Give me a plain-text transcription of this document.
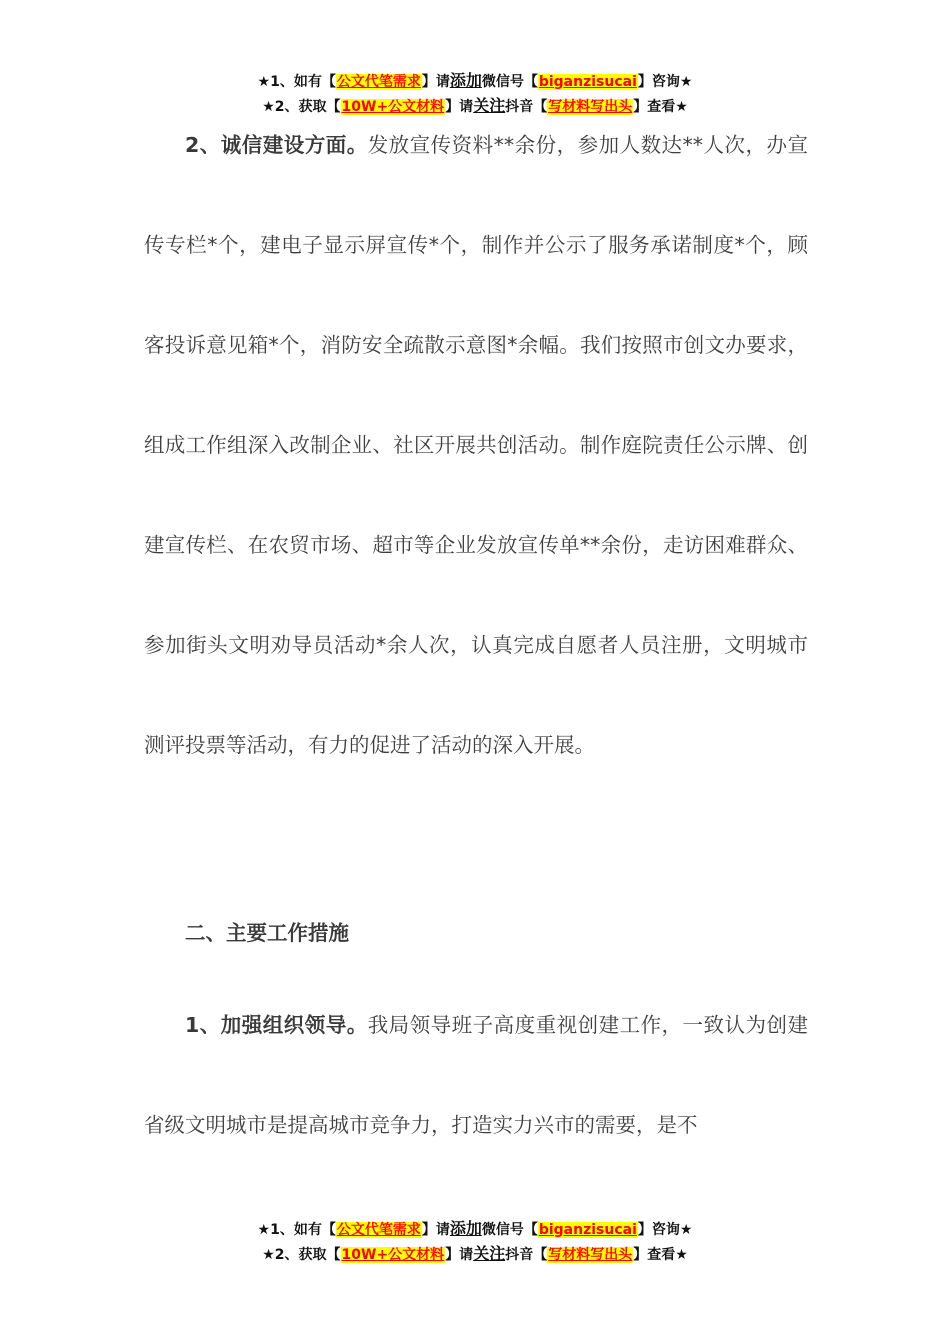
★1、如有【公文代笔需求】请添加微信号【biganzisucai】咨询★
★2、获取【10W+公文材料】请关注抖音【写材料写出头】查看★

2、诚信建设方面。发放宣传资料**余份，参加人数达**人次，办宣传专栏*个，建电子显示屏宣传*个，制作并公示了服务承诺制度*个，顾客投诉意见箱*个，消防安全疏散示意图*余幅。我们按照市创文办要求，组成工作组深入改制企业、社区开展共创活动。制作庭院责任公示牌、创建宣传栏、在农贸市场、超市等企业发放宣传单**余份，走访困难群众、参加街头文明劝导员活动*余人次，认真完成自愿者人员注册，文明城市测评投票等活动，有力的促进了活动的深入开展。

二、主要工作措施

1、加强组织领导。我局领导班子高度重视创建工作，一致认为创建省级文明城市是提高城市竞争力，打造实力兴市的需要，是不

★1、如有【公文代笔需求】请添加微信号【biganzisucai】咨询★
★2、获取【10W+公文材料】请关注抖音【写材料写出头】查看★
